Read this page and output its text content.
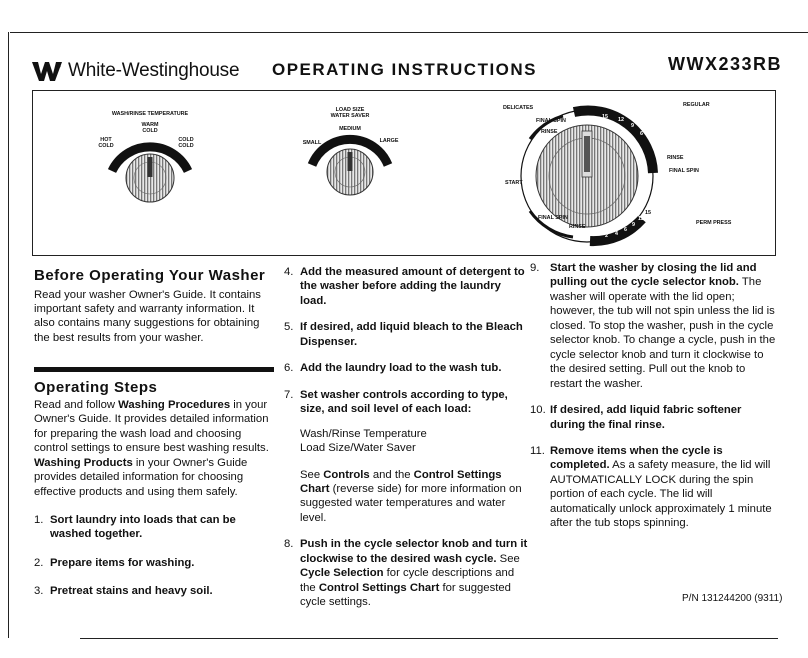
White-Westinghouse OPERATING INSTRUCTIONS	WWX233RB
WASH/RINSE TEMPERATURE
WARM
COLD
HOT
COLD
COLD
COLD
LOAD SIZE
WATER SAVER
MEDIUM
SMALL	LARGE
DELICATES	REGULAR
PERM PRESS
START
FINAL SPIN
RINSE
RINSE
FINAL SPIN
FINAL SPIN
RINSE
15 12
9
6
2 4
6
9
12
15
Before Operating Your Washer

Read your washer Owner's Guide. It contains important safety and warranty information. It also contains many suggestions for obtaining the best results from your washer.

Operating Steps

Read and follow Washing Procedures in your Owner's Guide. It provides detailed information for preparing the wash load and choosing control settings to ensure best washing results. Washing Products in your Owner's Guide provides detailed information for choosing effective products and using them safely.

1. Sort laundry into loads that can be washed together.
2. Prepare items for washing.
3. Pretreat stains and heavy soil.
4. Add the measured amount of detergent to the washer before adding the laundry load.
5. If desired, add liquid bleach to the Bleach Dispenser.
6. Add the laundry load to the wash tub.
7. Set washer controls according to type, size, and soil level of each load:

Wash/Rinse Temperature

Load Size/Water Saver

See Controls and the Control Settings Chart (reverse side) for more information on suggested water temperatures and water level.

8. Push in the cycle selector knob and turn it clockwise to the desired wash cycle. See Cycle Selection for cycle descriptions and the Control Settings Chart for suggested cycle settings.

9. Start the washer by closing the lid and pulling out the cycle selector knob. The washer will operate with the lid open; however, the tub will not spin unless the lid is closed. To stop the washer, push in the cycle selector knob. To change a cycle, push in the cycle selector knob and turn it clockwise to the desired setting. Pull out the knob to restart the washer.

10. If desired, add liquid fabric softener during the final rinse.
11. Remove items when the cycle is completed. As a safety measure, the lid will AUTOMATICALLY LOCK during the spin portion of each cycle. The lid will automatically unlock approximately 1 minute after the tub stops spinning.

P/N 131244200 (9311)
